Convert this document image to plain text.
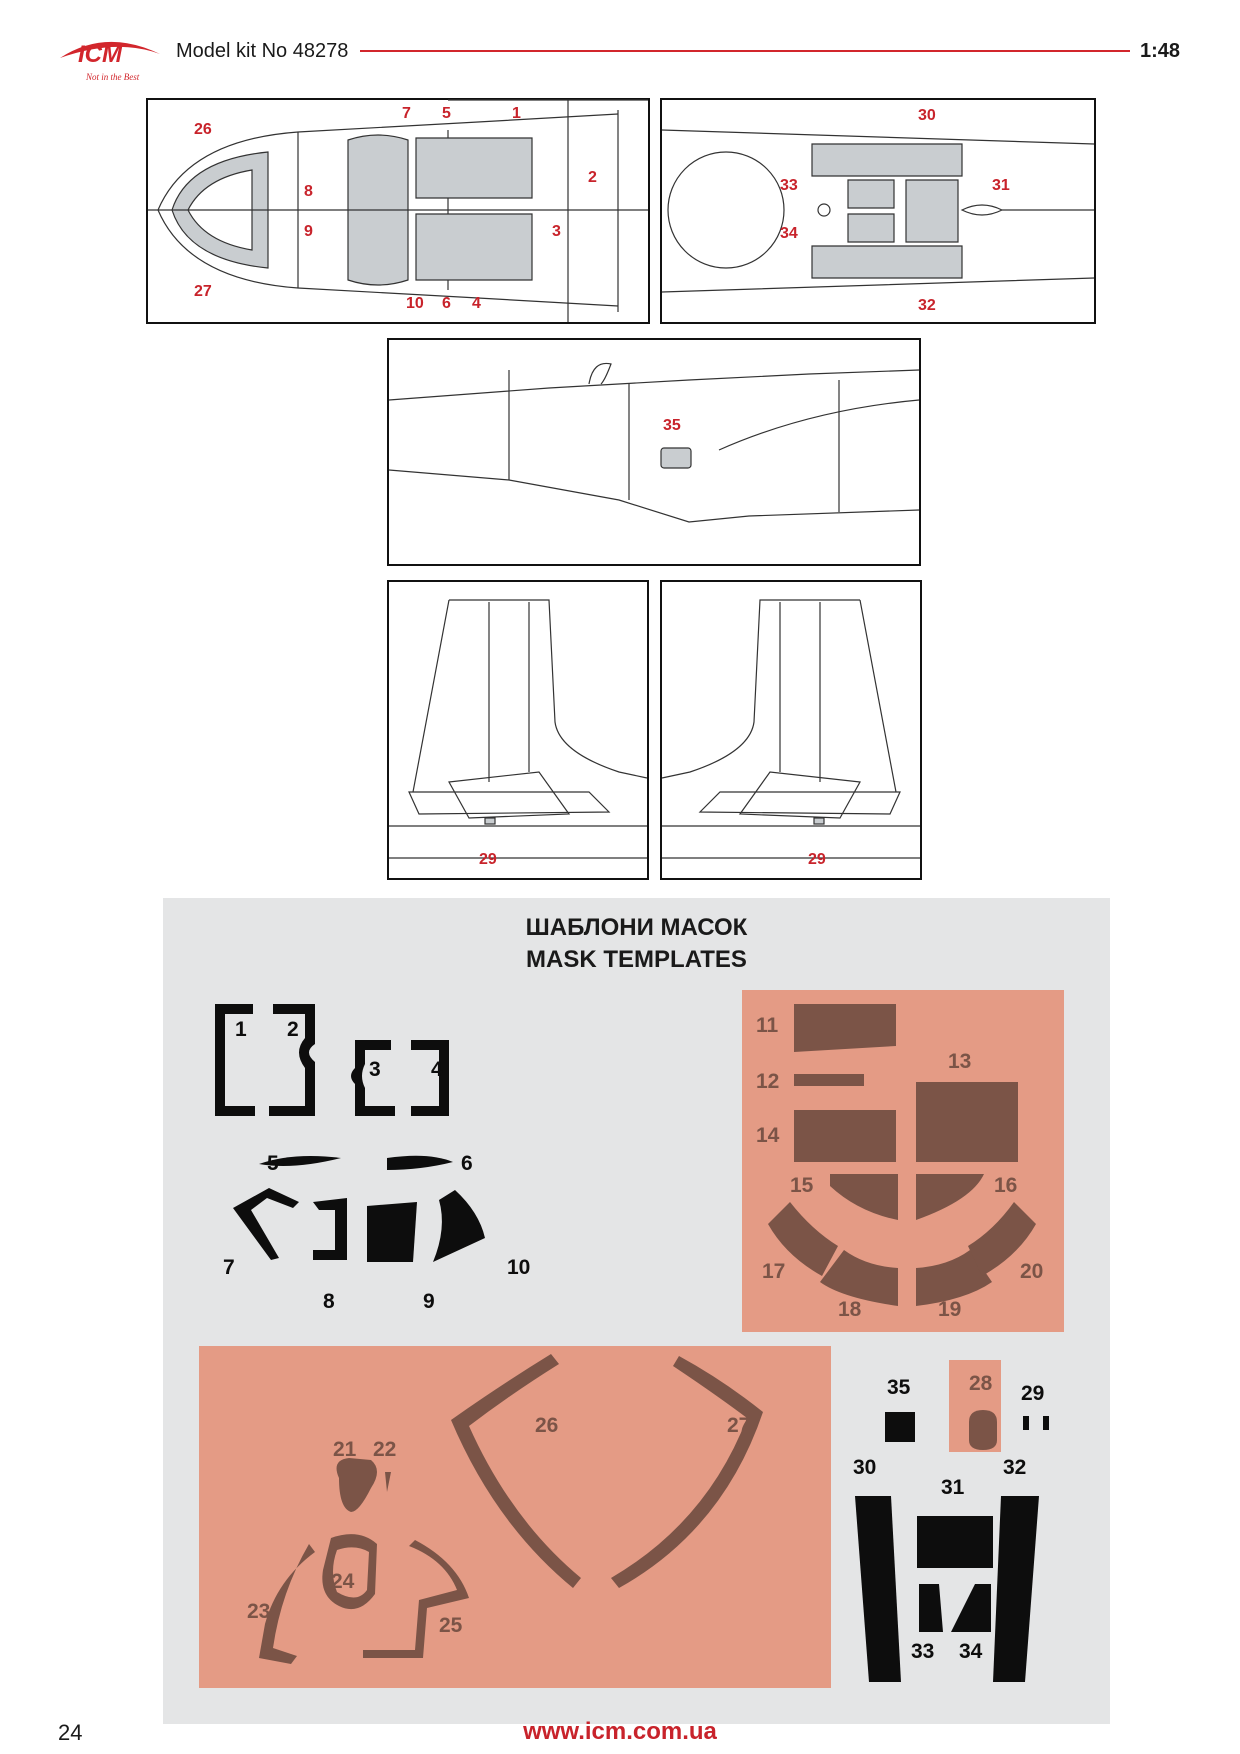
ICM
Not in the Best
Model kit No 48278	1:48
26
7 5	1
2
3
8
9
27
10 6 4
30
33	31
34
32
35
29	29
ШАБЛОНИ МАСОК
MASK TEMPLATES
1 2
3 4
5	6
7
8	9
10
11
12
13
14
15	16
17
18	19
20
21 22
23
24
25
26	27
35	28 29
30
31
32
33 34
24	www.icm.com.ua
